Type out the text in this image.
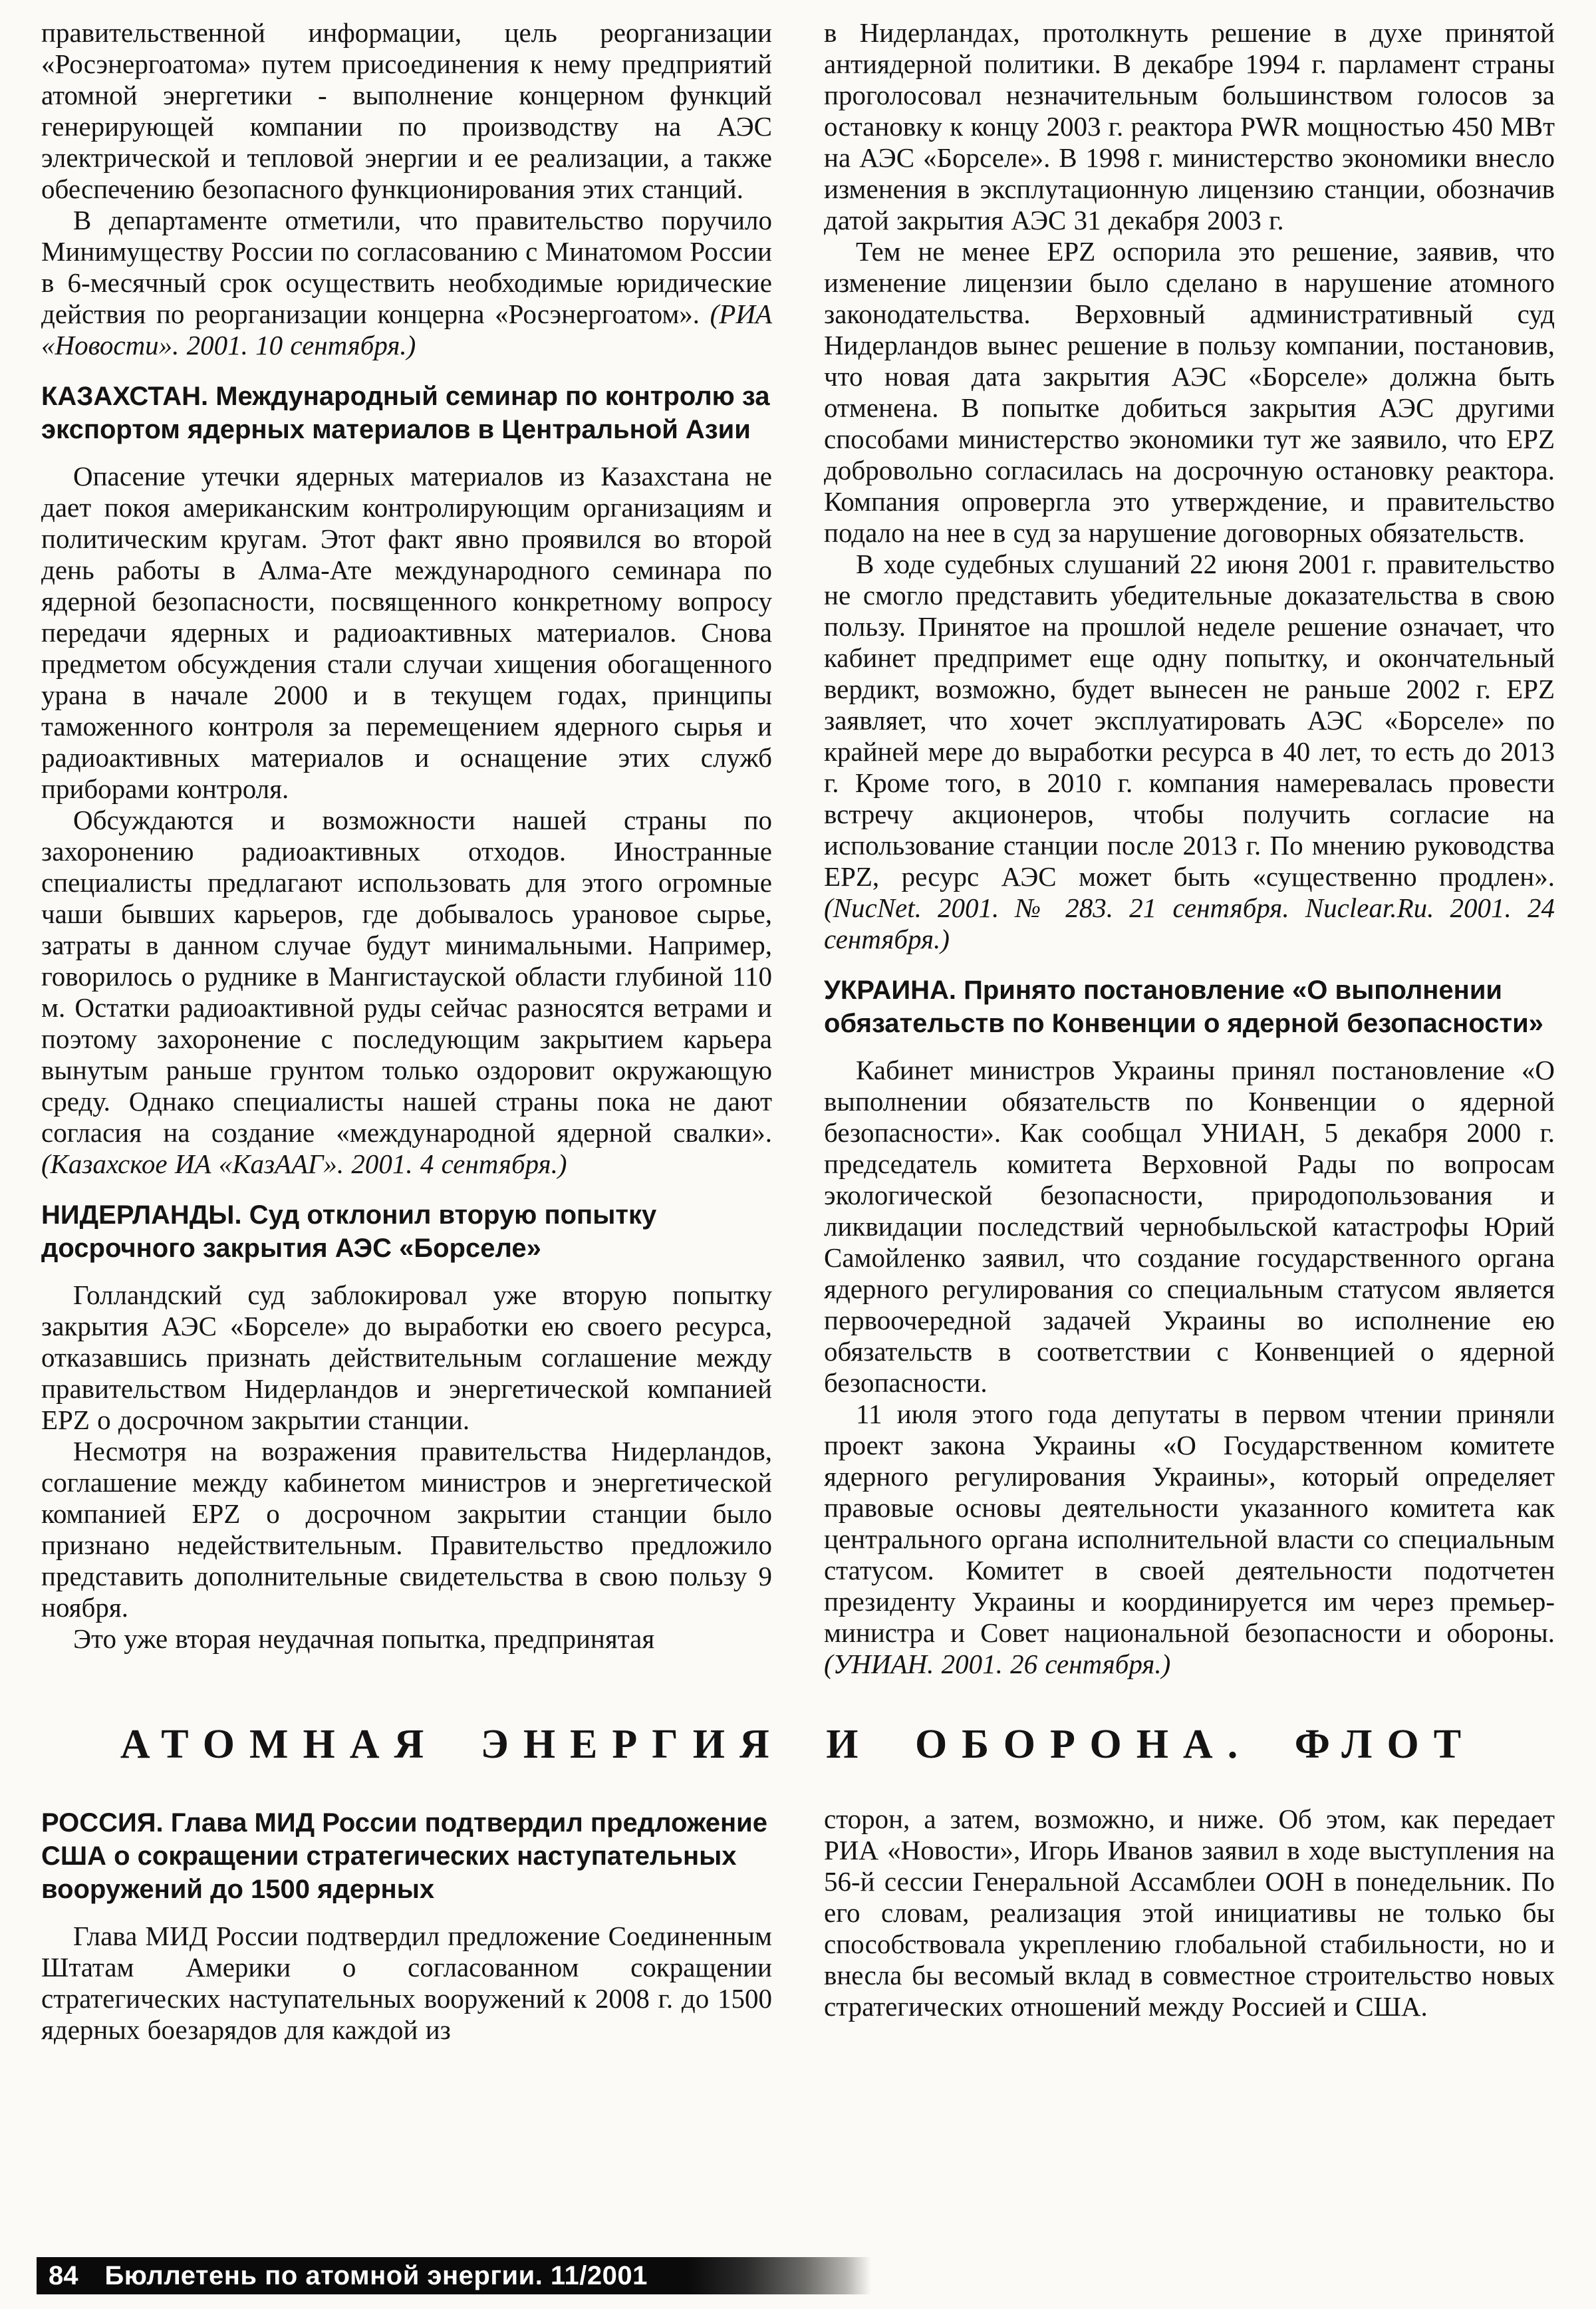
правительственной информации, цель реорганизации «Росэнергоатома» путем присоединения к нему предприятий атомной энергетики - выполнение концерном функций генерирующей компании по производству на АЭС электрической и тепловой энергии и ее реализации, а также обеспечению безопасного функционирования этих станций.

В департаменте отметили, что правительство поручило Минимуществу России по согласованию с Минатомом России в 6-месячный срок осуществить необходимые юридические действия по реорганизации концерна «Росэнергоатом». (РИА «Новости». 2001. 10 сентября.)

КАЗАХСТАН. Международный семинар по контролю за экспортом ядерных материалов в Центральной Азии

Опасение утечки ядерных материалов из Казахстана не дает покоя американским контролирующим организациям и политическим кругам. Этот факт явно проявился во второй день работы в Алма-Ате международного семинара по ядерной безопасности, посвященного конкретному вопросу передачи ядерных и радиоактивных материалов. Снова предметом обсуждения стали случаи хищения обогащенного урана в начале 2000 и в текущем годах, принципы таможенного контроля за перемещением ядерного сырья и радиоактивных материалов и оснащение этих служб приборами контроля.

Обсуждаются и возможности нашей страны по захоронению радиоактивных отходов. Иностранные специалисты предлагают использовать для этого огромные чаши бывших карьеров, где добывалось урановое сырье, затраты в данном случае будут минимальными. Например, говорилось о руднике в Мангистауской области глубиной 110 м. Остатки радиоактивной руды сейчас разносятся ветрами и поэтому захоронение с последующим закрытием карьера вынутым раньше грунтом только оздоровит окружающую среду. Однако специалисты нашей страны пока не дают согласия на создание «международной ядерной свалки». (Казахское ИА «КазААГ». 2001. 4 сентября.)

НИДЕРЛАНДЫ. Суд отклонил вторую попытку досрочного закрытия АЭС «Борселе»

Голландский суд заблокировал уже вторую попытку закрытия АЭС «Борселе» до выработки ею своего ресурса, отказавшись признать действительным соглашение между правительством Нидерландов и энергетической компанией EPZ о досрочном закрытии станции.

Несмотря на возражения правительства Нидерландов, соглашение между кабинетом министров и энергетической компанией EPZ о досрочном закрытии станции было признано недействительным. Правительство предложило представить дополнительные свидетельства в свою пользу 9 ноября.

Это уже вторая неудачная попытка, предпринятая

в Нидерландах, протолкнуть решение в духе принятой антиядерной политики. В декабре 1994 г. парламент страны проголосовал незначительным большинством голосов за остановку к концу 2003 г. реактора PWR мощностью 450 МВт на АЭС «Борселе». В 1998 г. министерство экономики внесло изменения в эксплутационную лицензию станции, обозначив датой закрытия АЭС 31 декабря 2003 г.

Тем не менее EPZ оспорила это решение, заявив, что изменение лицензии было сделано в нарушение атомного законодательства. Верховный административный суд Нидерландов вынес решение в пользу компании, постановив, что новая дата закрытия АЭС «Борселе» должна быть отменена. В попытке добиться закрытия АЭС другими способами министерство экономики тут же заявило, что EPZ добровольно согласилась на досрочную остановку реактора. Компания опровергла это утверждение, и правительство подало на нее в суд за нарушение договорных обязательств.

В ходе судебных слушаний 22 июня 2001 г. правительство не смогло представить убедительные доказательства в свою пользу. Принятое на прошлой неделе решение означает, что кабинет предпримет еще одну попытку, и окончательный вердикт, возможно, будет вынесен не раньше 2002 г. EPZ заявляет, что хочет эксплуатировать АЭС «Борселе» по крайней мере до выработки ресурса в 40 лет, то есть до 2013 г. Кроме того, в 2010 г. компания намеревалась провести встречу акционеров, чтобы получить согласие на использование станции после 2013 г. По мнению руководства EPZ, ресурс АЭС может быть «существенно продлен». (NucNet. 2001. № 283. 21 сентября. Nuclear.Ru. 2001. 24 сентября.)

УКРАИНА. Принято постановление «О выполнении обязательств по Конвенции о ядерной безопасности»

Кабинет министров Украины принял постановление «О выполнении обязательств по Конвенции о ядерной безопасности». Как сообщал УНИАН, 5 декабря 2000 г. председатель комитета Верховной Рады по вопросам экологической безопасности, природопользования и ликвидации последствий чернобыльской катастрофы Юрий Самойленко заявил, что создание государственного органа ядерного регулирования со специальным статусом является первоочередной задачей Украины во исполнение ею обязательств в соответствии с Конвенцией о ядерной безопасности.

11 июля этого года депутаты в первом чтении приняли проект закона Украины «О Государственном комитете ядерного регулирования Украины», который определяет правовые основы деятельности указанного комитета как центрального органа исполнительной власти со специальным статусом. Комитет в своей деятельности подотчетен президенту Украины и координируется им через премьер-министра и Совет национальной безопасности и обороны. (УНИАН. 2001. 26 сентября.)

АТОМНАЯ ЭНЕРГИЯ И ОБОРОНА. ФЛОТ
РОССИЯ. Глава МИД России подтвердил предложение США о сокращении стратегических наступательных вооружений до 1500 ядерных

Глава МИД России подтвердил предложение Соединенным Штатам Америки о согласованном сокращении стратегических наступательных вооружений к 2008 г. до 1500 ядерных боезарядов для каждой из

сторон, а затем, возможно, и ниже. Об этом, как передает РИА «Новости», Игорь Иванов заявил в ходе выступления на 56-й сессии Генеральной Ассамблеи ООН в понедельник. По его словам, реализация этой инициативы не только бы способствовала укреплению глобальной стабильности, но и внесла бы весомый вклад в совместное строительство новых стратегических отношений между Россией и США.

84 Бюллетень по атомной энергии. 11/2001
